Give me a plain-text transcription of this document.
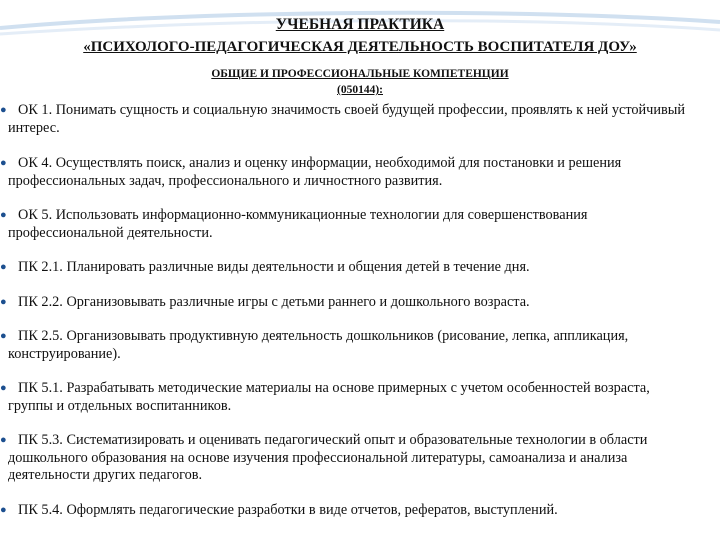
УЧЕБНАЯ ПРАКТИКА
«ПСИХОЛОГО-ПЕДАГОГИЧЕСКАЯ ДЕЯТЕЛЬНОСТЬ ВОСПИТАТЕЛЯ ДОУ»
ОБЩИЕ И ПРОФЕССИОНАЛЬНЫЕ КОМПЕТЕНЦИИ
(050144):
● ОК 1. Понимать сущность и социальную значимость своей будущей профессии, проявлять к ней устойчивый интерес.
● ОК 4. Осуществлять поиск, анализ и оценку информации, необходимой для постановки и решения профессиональных задач, профессионального и личностного развития.
● ОК 5. Использовать информационно-коммуникационные технологии для совершенствования профессиональной деятельности.
● ПК 2.1. Планировать различные виды деятельности и общения детей в течение дня.
● ПК 2.2. Организовывать различные игры с детьми раннего и дошкольного возраста.
● ПК 2.5. Организовывать продуктивную деятельность дошкольников (рисование, лепка, аппликация, конструирование).
● ПК 5.1. Разрабатывать методические материалы на основе примерных с учетом особенностей возраста, группы и отдельных воспитанников.
● ПК 5.3. Систематизировать и оценивать педагогический опыт и образовательные технологии в области дошкольного образования на основе изучения профессиональной литературы, самоанализа и анализа деятельности других педагогов.
● ПК 5.4. Оформлять педагогические разработки в виде отчетов, рефератов, выступлений.
